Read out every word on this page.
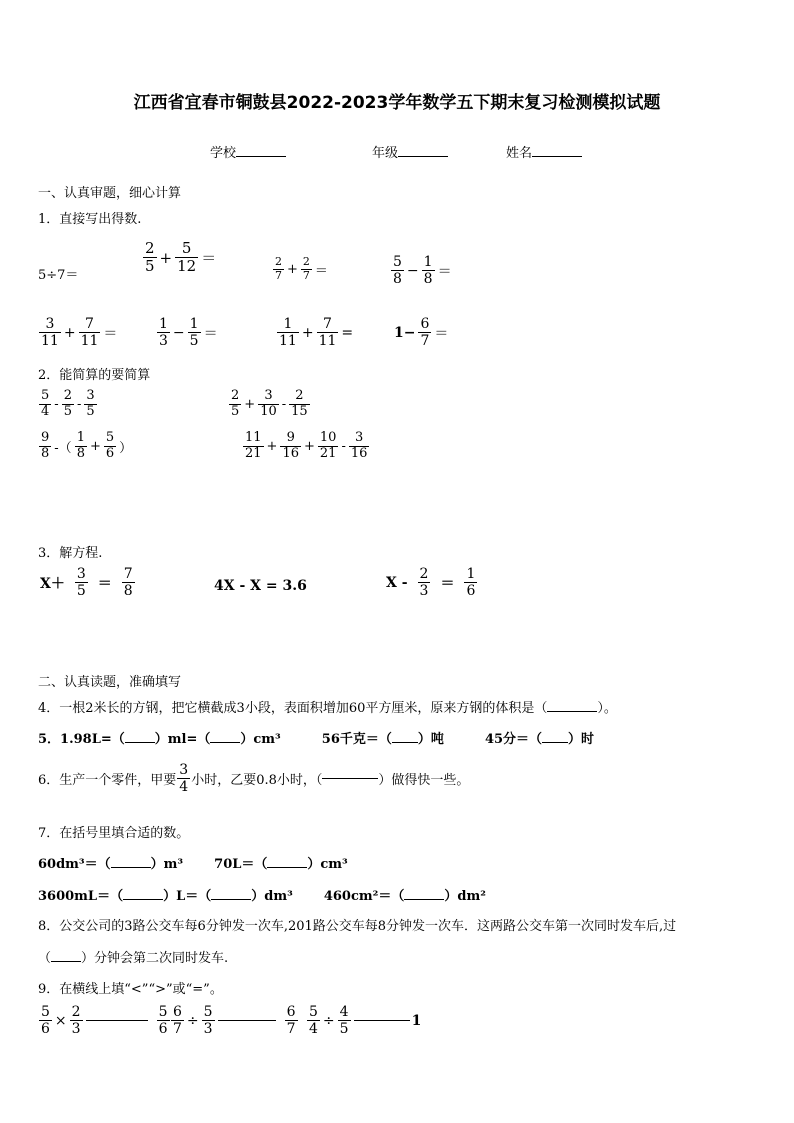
江西省宜春市铜鼓县2022-2023学年数学五下期末复习检测模拟试题
学校	年级	姓名
一、认真审题，细心计算
1．直接写出得数.
5÷7＝	$\frac{2}{5} + \frac{5}{12}$ ＝	$\frac{2}{7} + \frac{2}{7}$ ＝	$\frac{5}{8} - \frac{1}{8}$ ＝
$\frac{3}{11} + \frac{7}{11}$ ＝	$\frac{1}{3} - \frac{1}{5}$ ＝	$\frac{1}{11} + \frac{7}{11}$ =	$1- \frac{6}{7}$ ＝
2．能简算的要简算
$\frac{5}{4} - \frac{2}{5} - \frac{3}{5}$	$\frac{2}{5} + \frac{3}{10} - \frac{2}{15}$
$\frac{9}{8}$ -（ $\frac{1}{8} + \frac{5}{6}$ ）	$\frac{11}{21} + \frac{9}{16} + \frac{10}{21} - \frac{3}{16}$
3．解方程.
$X+ \frac{3}{5} = \frac{7}{8}$	4X - X = 3.6	$X - \frac{2}{3} = \frac{1}{6}$
二、认真读题，准确填写
4．一根2米长的方钢，把它横截成3小段，表面积增加60平方厘米，原来方钢的体积是（	）。
5．1.98L=（ ）ml=（ ）cm³	56千克＝（ ）吨	45分＝（ ）时
6．生产一个零件，甲要 $\frac{3}{4}$ 小时，乙要0.8小时，（	）做得快一些。
7．在括号里填合适的数。
60dm³＝（	）m³ 70L＝（	）cm³
3600mL＝（	）L＝（	）dm³ 460cm²＝（	）dm²
8．公交公司的3路公交车每6分钟发一次车,201路公交车每8分钟发一次车．这两路公交车第一次同时发车后,过
（ ）分钟会第二次同时发车.
9．在横线上填“<”“>”或“=”。
$\frac{5}{6} \times \frac{2}{3}$	$\frac{5}{6} \frac{6}{7} \div \frac{5}{3}$	$\frac{6}{7} \frac{5}{4} \div \frac{4}{5}$	1
